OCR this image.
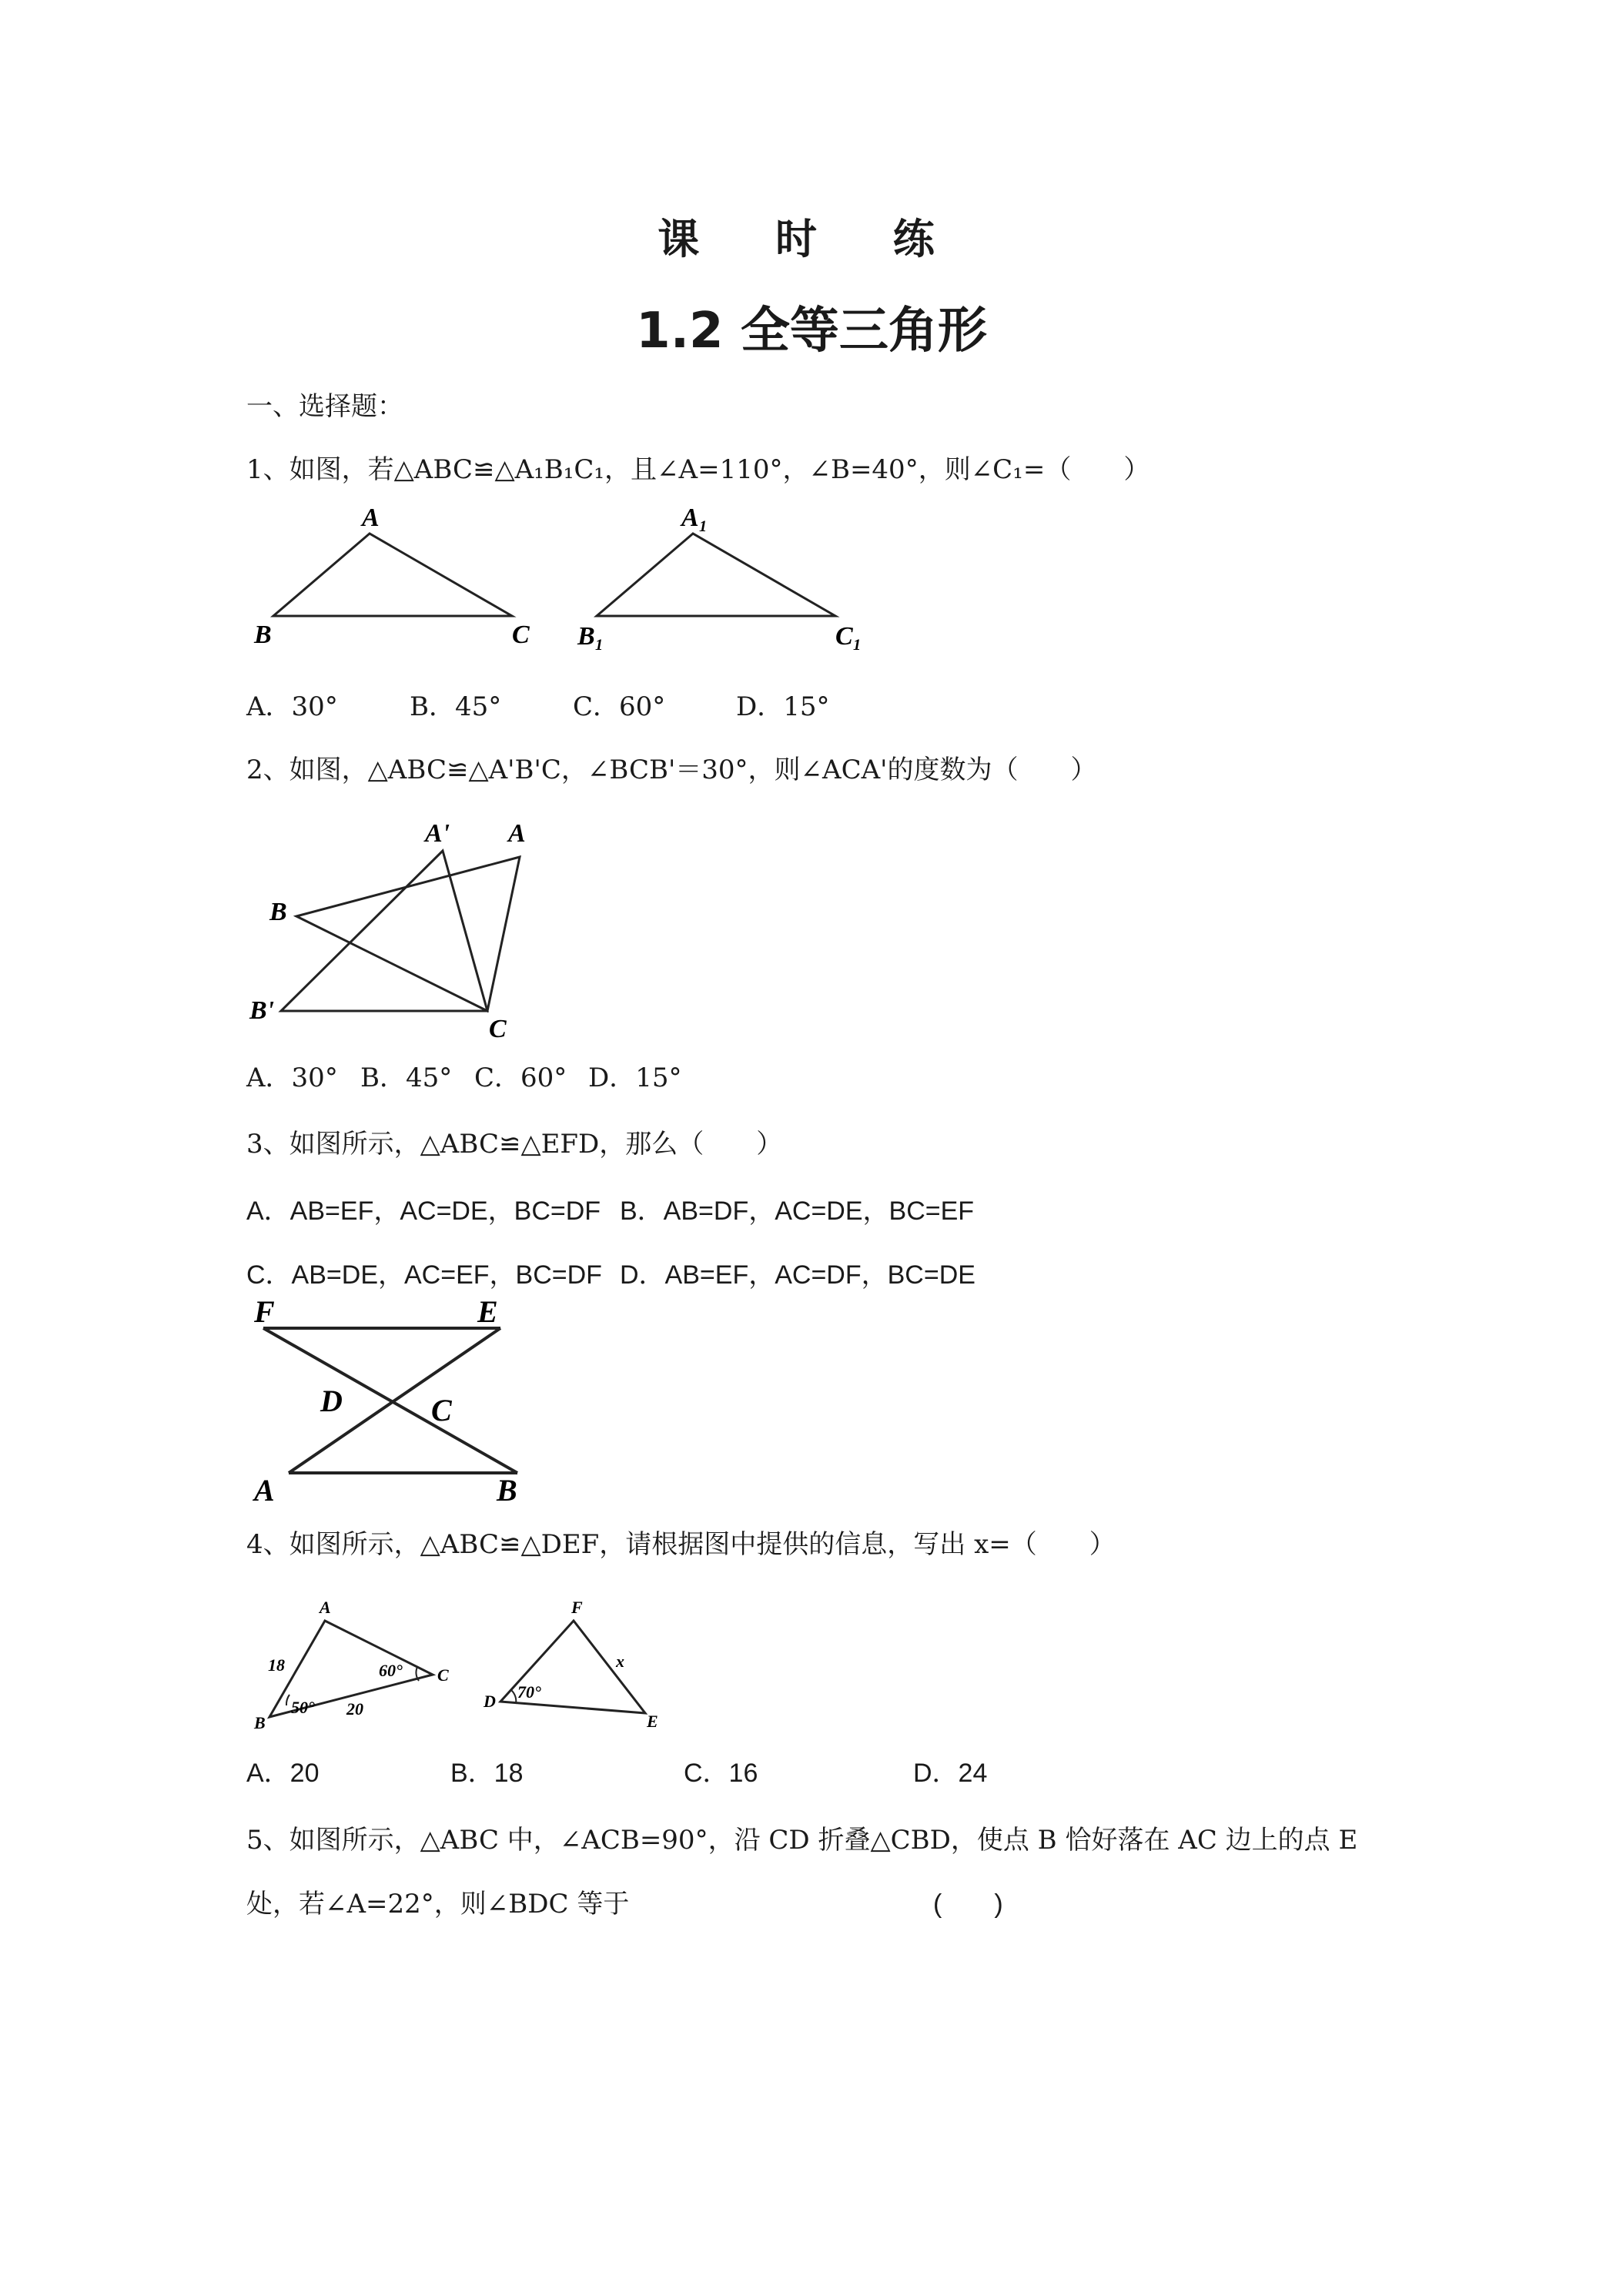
课 时 练
1.2 全等三角形
一、选择题：
1、如图，若△ABC≌△A₁B₁C₁，且∠A=110°，∠B=40°，则∠C₁=（　　）
A
B	C
A₁
B₁	C₁
A．30°	B．45°	C．60°	D．15°
2、如图，△ABC≌△A'B'C，∠BCB'＝30°，则∠ACA'的度数为（　　）
A' A
B
B'
C
A．30° B．45° C．60° D．15°
3、如图所示，△ABC≌△EFD，那么（　　）
A．AB=EF，AC=DE，BC=DF B．AB=DF，AC=DE，BC=EF
C．AB=DE，AC=EF，BC=DF D．AB=EF，AC=DF，BC=DE
F	E
D	C
A	B
4、如图所示，△ABC≌△DEF，请根据图中提供的信息，写出 x=（　　）
A
18	60° C
B
50° 20
F
x
D 70°
E
A．20	B．18	C．16	D．24
5、如图所示，△ABC 中，∠ACB=90°，沿 CD 折叠△CBD，使点 B 恰好落在 AC 边上的点 E
处，若∠A=22°，则∠BDC 等于	(　　)
